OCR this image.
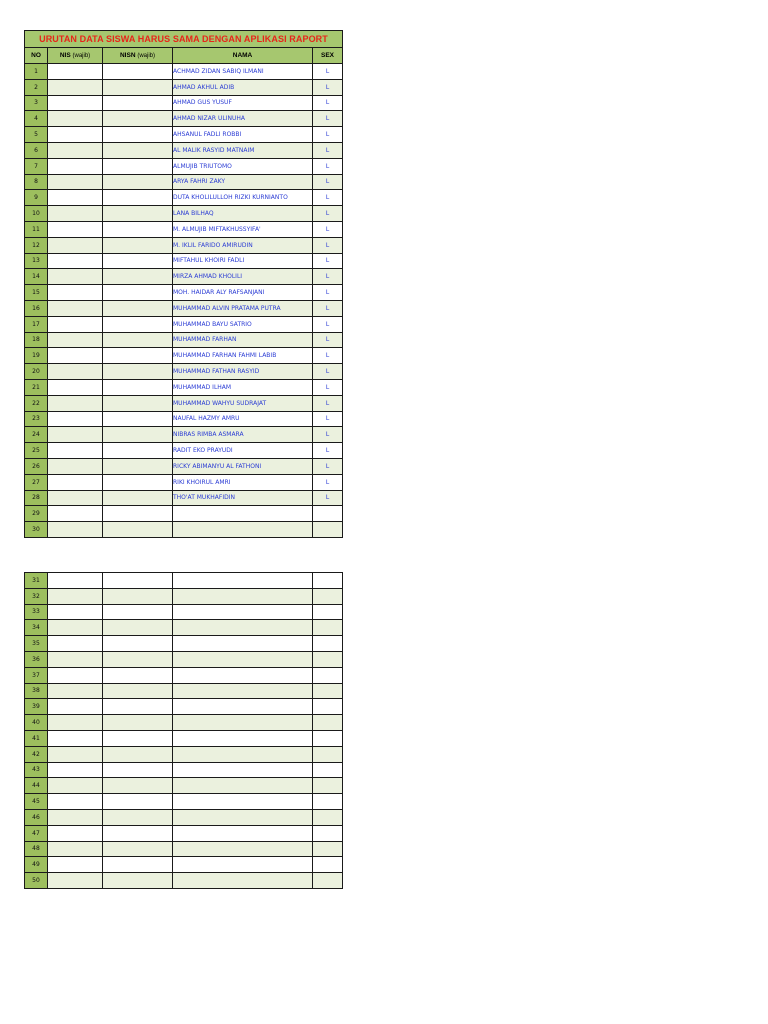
URUTAN DATA SISWA HARUS SAMA DENGAN APLIKASI RAPORT				
NO	NIS (wajib)	NISN (wajib)	NAMA	SEX
1			ACHMAD ZIDAN SABIQ ILMANI	L
2			AHMAD AKHUL ADIB	L
3			AHMAD GUS YUSUF	L
4			AHMAD NIZAR ULINUHA	L
5			AHSANUL FADLI ROBBI	L
6			AL MALIK RASYID MATNAIM	L
7			ALMUJIB TRIUTOMO	L
8			ARYA FAHRI ZAKY	L
9			DUTA KHOLILULLOH RIZKI KURNIANTO	L
10			LANA BILHAQ	L
11			M. ALMUJIB MIFTAKHUSSYIFA'	L
12			M. IKLIL FARIDO AMIRUDIN	L
13			MIFTAHUL KHOIRI FADLI	L
14			MIRZA AHMAD KHOLILI	L
15			MOH. HAIDAR ALY RAFSANJANI	L
16			MUHAMMAD ALVIN PRATAMA PUTRA	L
17			MUHAMMAD BAYU SATRIO	L
18			MUHAMMAD FARHAN	L
19			MUHAMMAD FARHAN FAHMI LABIB	L
20			MUHAMMAD FATHAN RASYID	L
21			MUHAMMAD ILHAM	L
22			MUHAMMAD WAHYU SUDRAJAT	L
23			NAUFAL HAZMY AMRU	L
24			NIBRAS RIMBA ASMARA	L
25			RADIT EKO PRAYUDI	L
26			RICKY ABIMANYU AL FATHONI	L
27			RIKI KHOIRUL AMRI	L
28			THO'AT MUKHAFIDIN	L
29				
30				
31				
32				
33				
34				
35				
36				
37				
38				
39				
40				
41				
42				
43				
44				
45				
46				
47				
48				
49				
50				
